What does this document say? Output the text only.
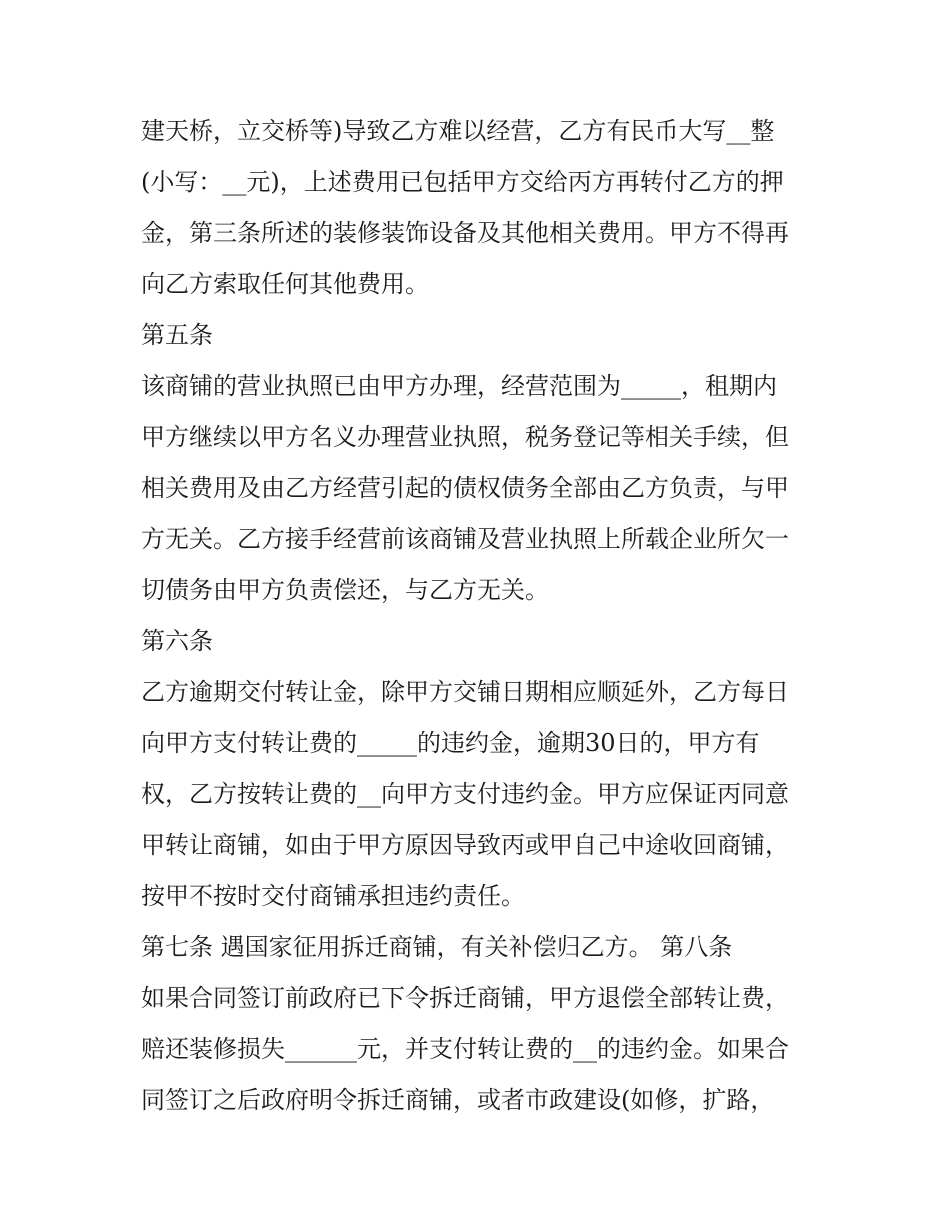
建天桥，立交桥等)导致乙方难以经营，乙方有民币大写__整
(小写：__元)，上述费用已包括甲方交给丙方再转付乙方的押
金，第三条所述的装修装饰设备及其他相关费用。甲方不得再
向乙方索取任何其他费用。
第五条
该商铺的营业执照已由甲方办理，经营范围为_____，租期内
甲方继续以甲方名义办理营业执照，税务登记等相关手续，但
相关费用及由乙方经营引起的债权债务全部由乙方负责，与甲
方无关。乙方接手经营前该商铺及营业执照上所载企业所欠一
切债务由甲方负责偿还，与乙方无关。
第六条
乙方逾期交付转让金，除甲方交铺日期相应顺延外，乙方每日
向甲方支付转让费的_____的违约金，逾期30日的，甲方有
权，乙方按转让费的__向甲方支付违约金。甲方应保证丙同意
甲转让商铺，如由于甲方原因导致丙或甲自己中途收回商铺，
按甲不按时交付商铺承担违约责任。
第七条 遇国家征用拆迁商铺，有关补偿归乙方。 第八条
如果合同签订前政府已下令拆迁商铺，甲方退偿全部转让费，
赔还装修损失______元，并支付转让费的__的违约金。如果合
同签订之后政府明令拆迁商铺，或者市政建设(如修，扩路，
